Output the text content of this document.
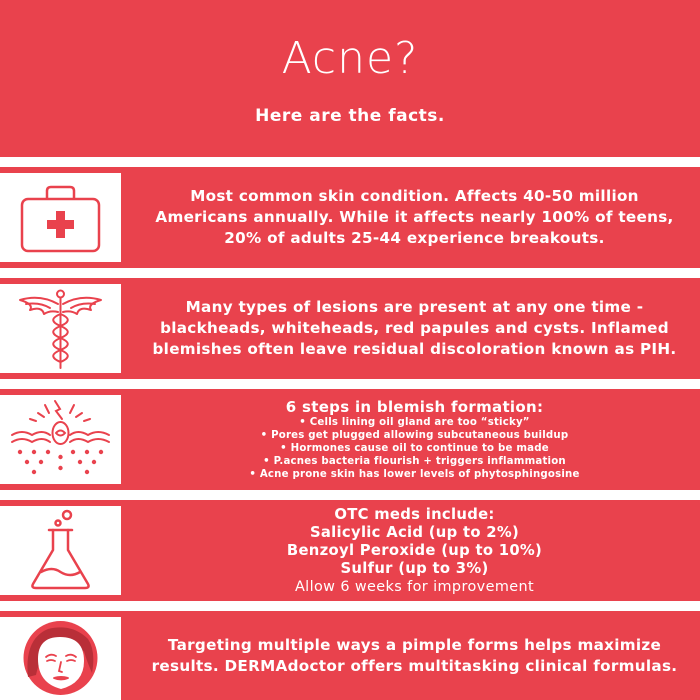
Acne?
Here are the facts.
Most common skin condition. Affects 40-50 million
Americans annually. While it affects nearly 100% of teens,
20% of adults 25-44 experience breakouts.
Many types of lesions are present at any one time -
blackheads, whiteheads, red papules and cysts. Inflamed
blemishes often leave residual discoloration known as PIH.
6 steps in blemish formation:
• Cells lining oil gland are too “sticky”
• Pores get plugged allowing subcutaneous buildup
• Hormones cause oil to continue to be made
• P.acnes bacteria flourish + triggers inflammation
• Acne prone skin has lower levels of phytosphingosine
OTC meds include:
Salicylic Acid (up to 2%)
Benzoyl Peroxide (up to 10%)
Sulfur (up to 3%)
Allow 6 weeks for improvement
Targeting multiple ways a pimple forms helps maximize
results. DERMAdoctor offers multitasking clinical formulas.
